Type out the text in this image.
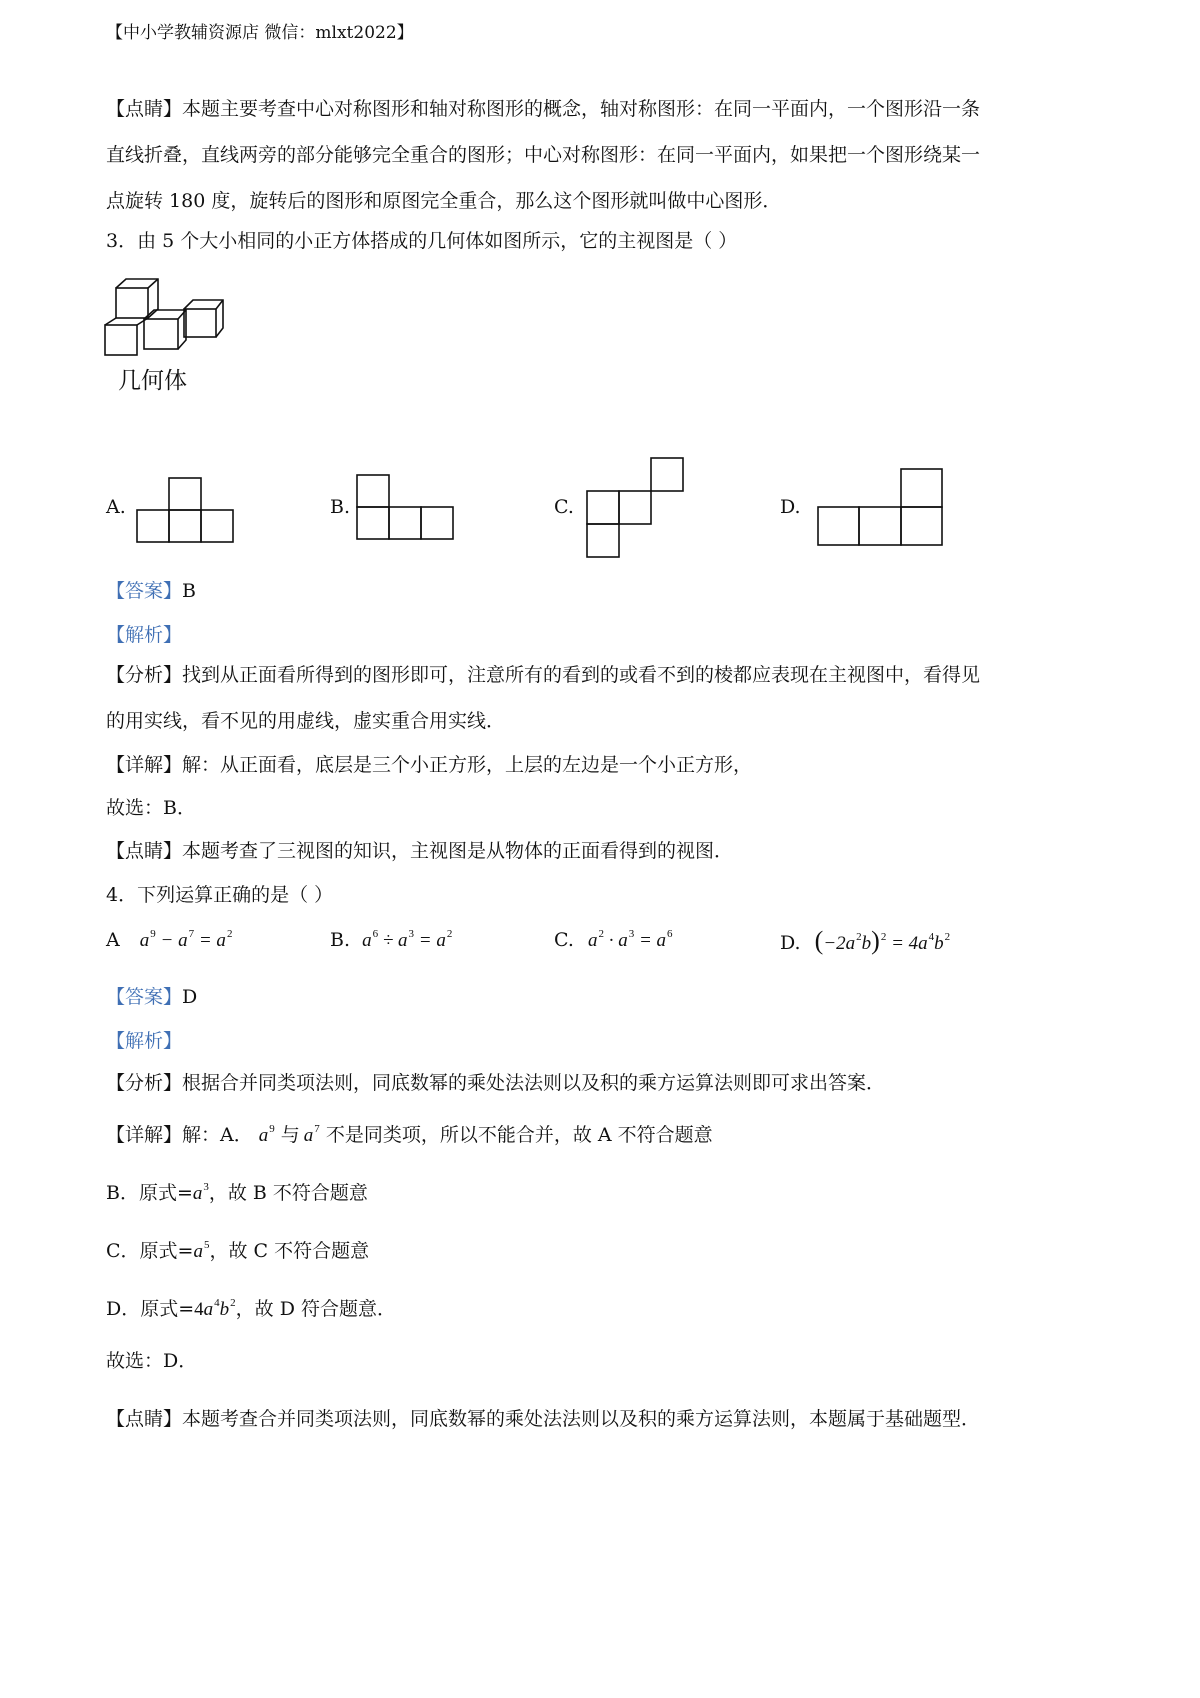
【中小学教辅资源店 微信：mlxt2022】
【点睛】本题主要考查中心对称图形和轴对称图形的概念，轴对称图形：在同一平面内，一个图形沿一条
直线折叠，直线两旁的部分能够完全重合的图形；中心对称图形：在同一平面内，如果把一个图形绕某一
点旋转 180 度，旋转后的图形和原图完全重合，那么这个图形就叫做中心图形．
3．由 5 个大小相同的小正方体搭成的几何体如图所示，它的主视图是（ ）
几何体
A.	B.	C.	D.
【答案】B
【解析】
【分析】找到从正面看所得到的图形即可，注意所有的看到的或看不到的棱都应表现在主视图中，看得见
的用实线，看不见的用虚线，虚实重合用实线．
【详解】解：从正面看，底层是三个小正方形，上层的左边是一个小正方形，
故选：B．
【点睛】本题考查了三视图的知识，主视图是从物体的正面看得到的视图．
4．下列运算正确的是（ ）
A $a^9 - a^7 = a^2$	B. $a^6 \div a^3 = a^2$	C. $a^2 \cdot a^3 = a^6$	D. $(-2a^2b)^2 = 4a^4b^2$
【答案】D
【解析】
【分析】根据合并同类项法则，同底数幂的乘处法法则以及积的乘方运算法则即可求出答案．
【详解】解：A． $a^9$ 与 $a^7$ 不是同类项，所以不能合并，故 A 不符合题意
B．原式$=a^3$，故 B 不符合题意
C．原式$=a^5$，故 C 不符合题意
D．原式$=4a^4b^2$，故 D 符合题意．
故选：D．
【点睛】本题考查合并同类项法则，同底数幂的乘处法法则以及积的乘方运算法则，本题属于基础题型．
